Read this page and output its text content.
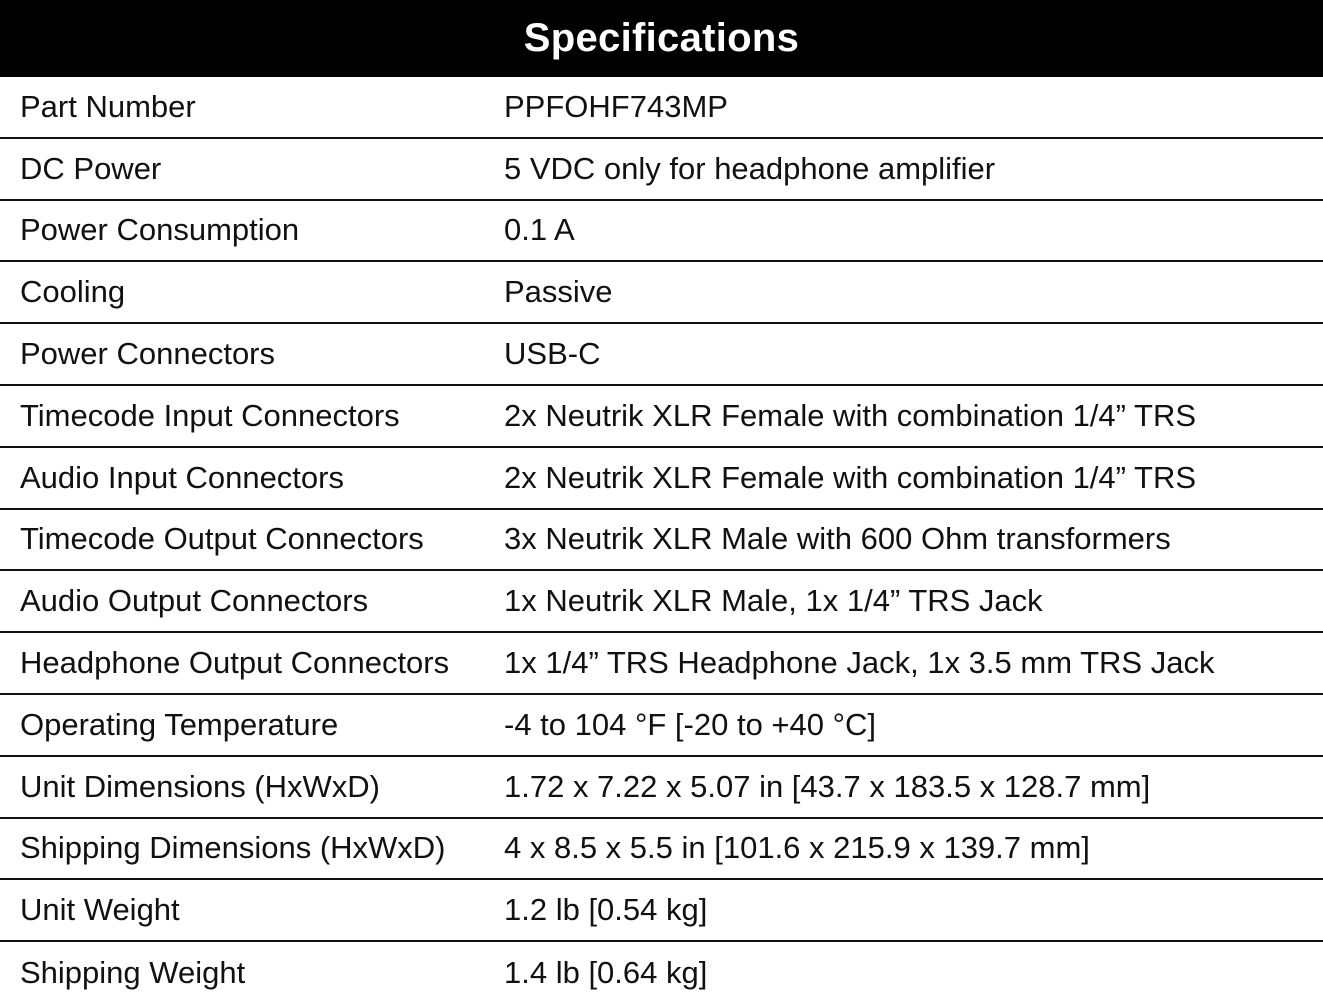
Specifications
Part Number	PPFOHF743MP
DC Power	5 VDC only for headphone amplifier
Power Consumption	0.1 A
Cooling	Passive
Power Connectors	USB-C
Timecode Input Connectors	2x Neutrik XLR Female with combination 1/4” TRS
Audio Input Connectors	2x Neutrik XLR Female with combination 1/4” TRS
Timecode Output Connectors	3x Neutrik XLR Male with 600 Ohm transformers
Audio Output Connectors	1x Neutrik XLR Male, 1x 1/4” TRS Jack
Headphone Output Connectors	1x 1/4” TRS Headphone Jack, 1x 3.5 mm TRS Jack
Operating Temperature	-4 to 104 °F [-20 to +40 °C]
Unit Dimensions (HxWxD)	1.72 x 7.22 x 5.07 in [43.7 x 183.5 x 128.7 mm]
Shipping Dimensions (HxWxD)	4 x 8.5 x 5.5 in [101.6 x 215.9 x 139.7 mm]
Unit Weight	1.2 lb [0.54 kg]
Shipping Weight	1.4 lb [0.64 kg]
